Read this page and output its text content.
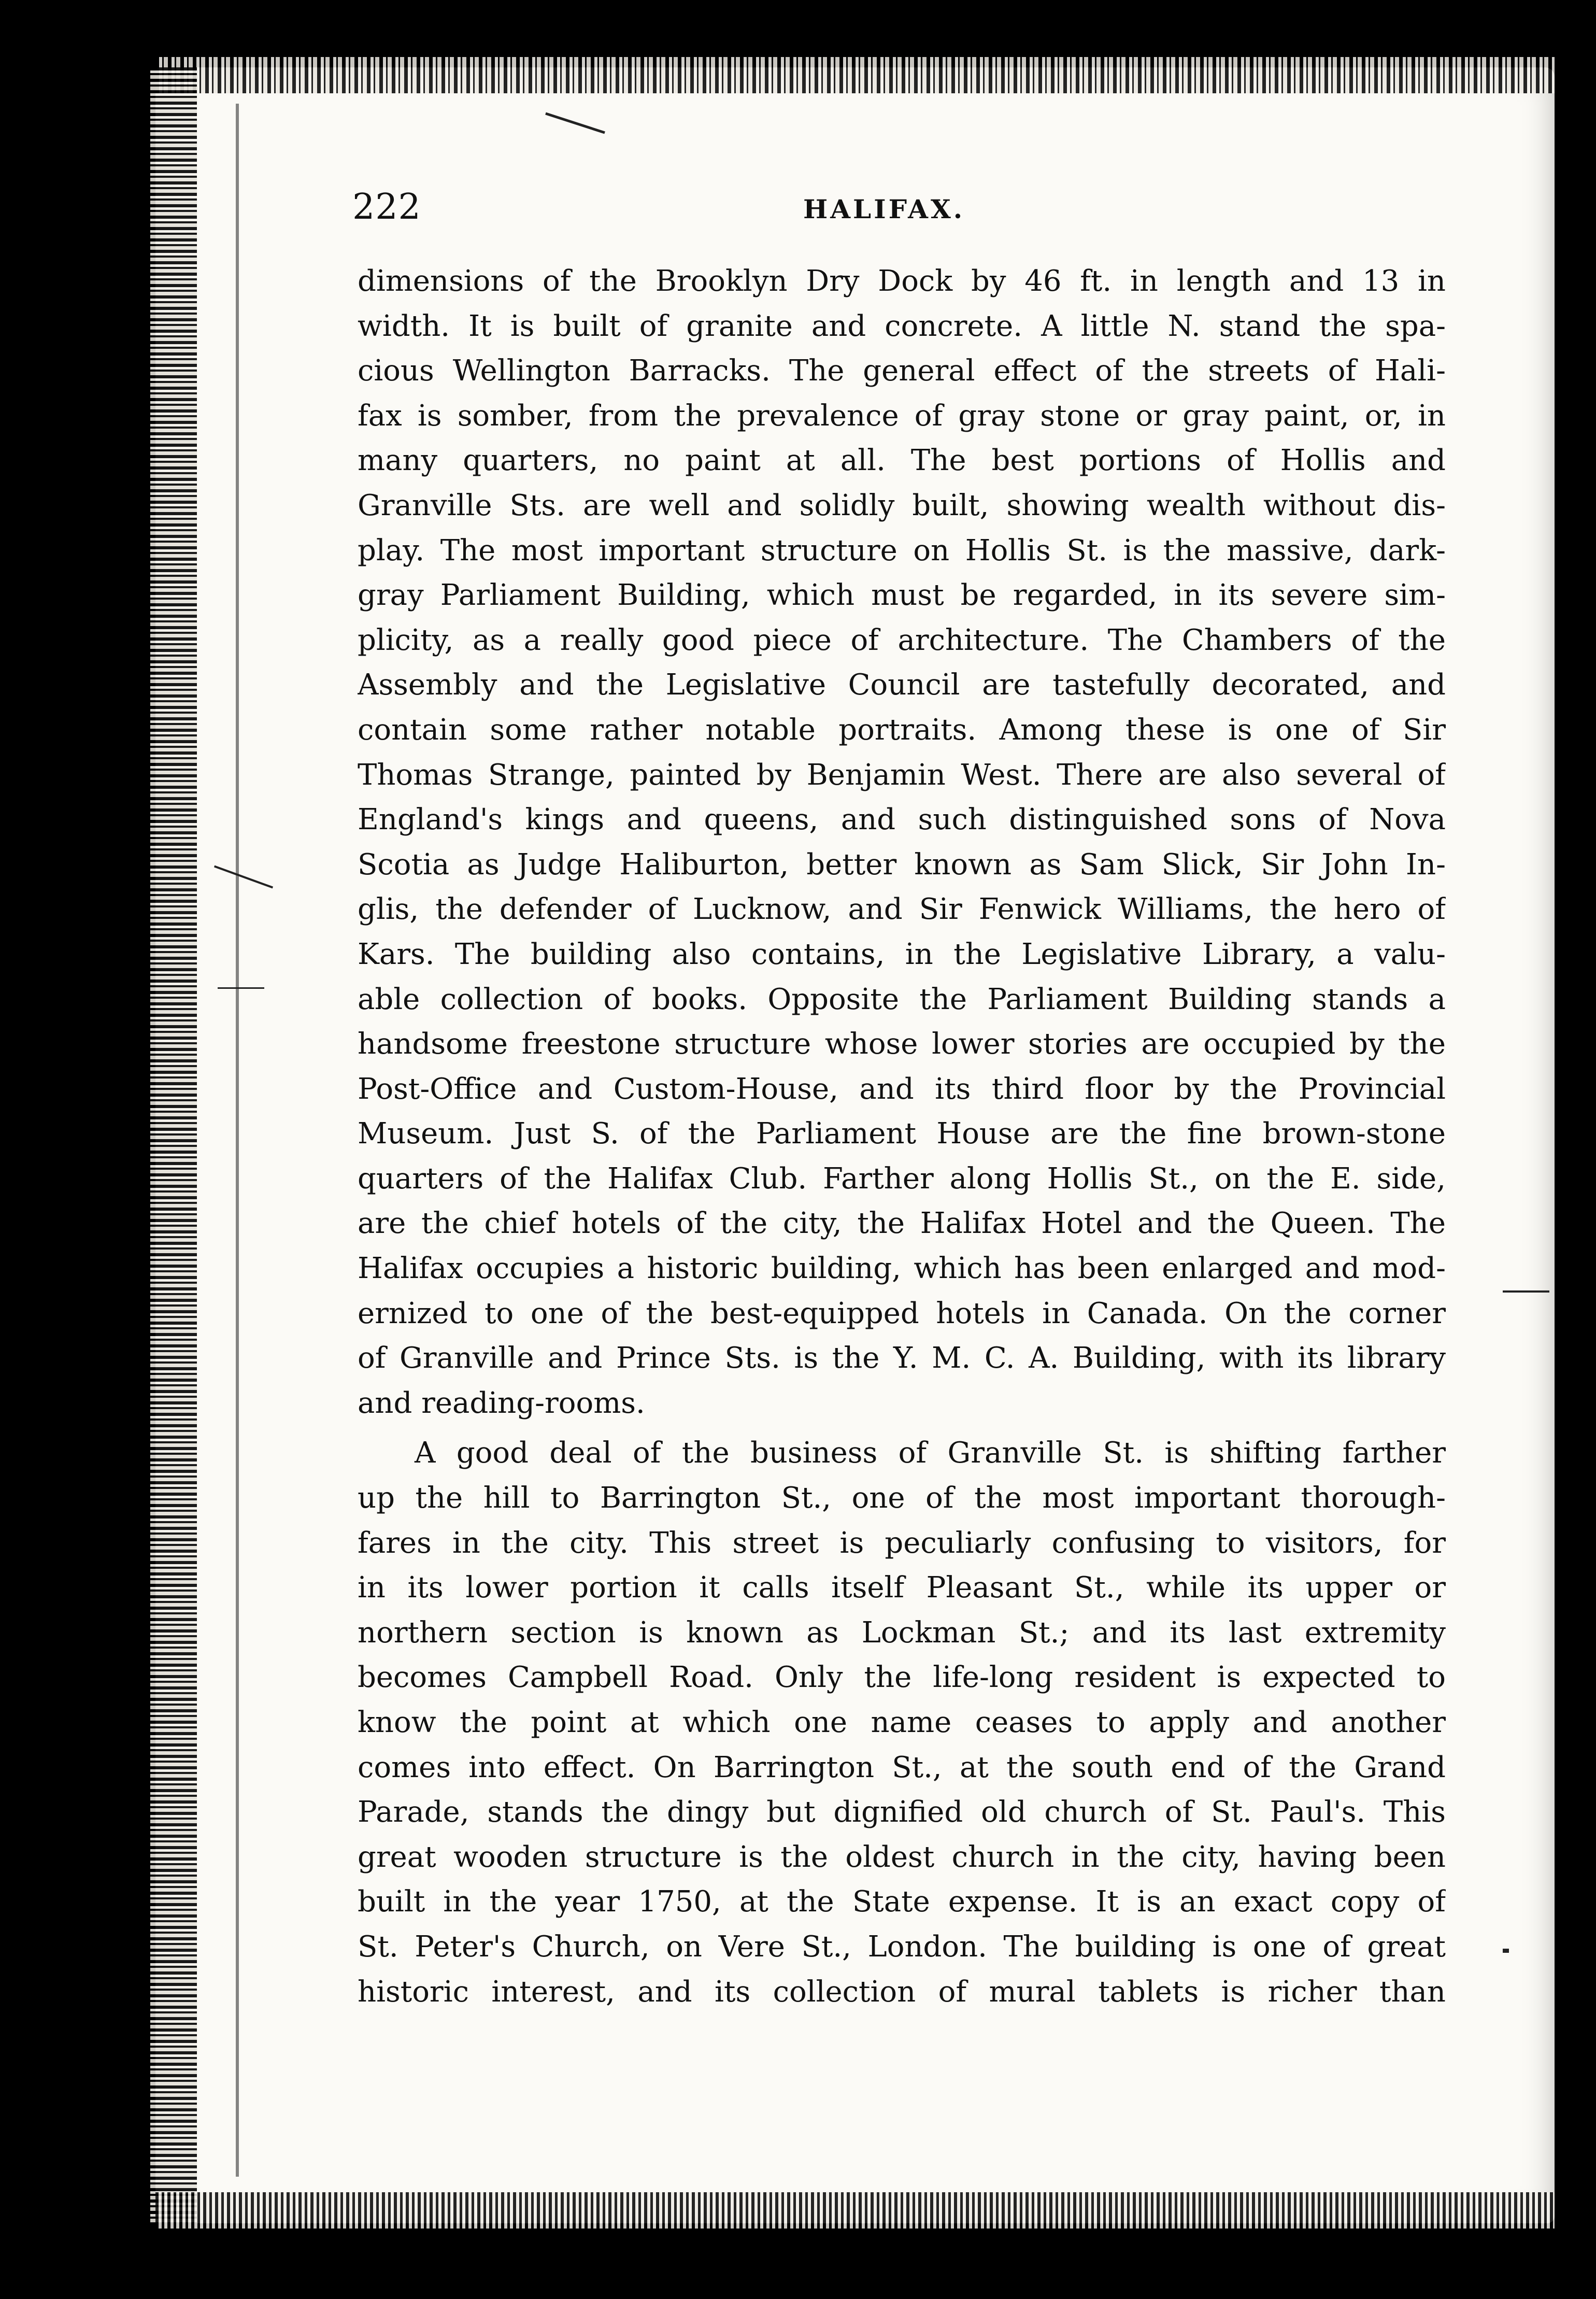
222	HALIFAX.
dimensions of the Brooklyn Dry Dock by 46 ft. in length and 13 in
width. It is built of granite and concrete. A little N. stand the spa-
cious Wellington Barracks. The general effect of the streets of Hali-
fax is somber, from the prevalence of gray stone or gray paint, or, in
many quarters, no paint at all. The best portions of Hollis and
Granville Sts. are well and solidly built, showing wealth without dis-
play. The most important structure on Hollis St. is the massive, dark-
gray Parliament Building, which must be regarded, in its severe sim-
plicity, as a really good piece of architecture. The Chambers of the
Assembly and the Legislative Council are tastefully decorated, and
contain some rather notable portraits. Among these is one of Sir
Thomas Strange, painted by Benjamin West. There are also several of
England's kings and queens, and such distinguished sons of Nova
Scotia as Judge Haliburton, better known as Sam Slick, Sir John In-
glis, the defender of Lucknow, and Sir Fenwick Williams, the hero of
Kars. The building also contains, in the Legislative Library, a valu-
able collection of books. Opposite the Parliament Building stands a
handsome freestone structure whose lower stories are occupied by the
Post-Office and Custom-House, and its third floor by the Provincial
Museum. Just S. of the Parliament House are the fine brown-stone
quarters of the Halifax Club. Farther along Hollis St., on the E. side,
are the chief hotels of the city, the Halifax Hotel and the Queen. The
Halifax occupies a historic building, which has been enlarged and mod-
ernized to one of the best-equipped hotels in Canada. On the corner
of Granville and Prince Sts. is the Y. M. C. A. Building, with its library
and reading-rooms.
A good deal of the business of Granville St. is shifting farther
up the hill to Barrington St., one of the most important thorough-
fares in the city. This street is peculiarly confusing to visitors, for
in its lower portion it calls itself Pleasant St., while its upper or
northern section is known as Lockman St.; and its last extremity
becomes Campbell Road. Only the life-long resident is expected to
know the point at which one name ceases to apply and another
comes into effect. On Barrington St., at the south end of the Grand
Parade, stands the dingy but dignified old church of St. Paul's. This
great wooden structure is the oldest church in the city, having been
built in the year 1750, at the State expense. It is an exact copy of
St. Peter's Church, on Vere St., London. The building is one of great
historic interest, and its collection of mural tablets is richer than
